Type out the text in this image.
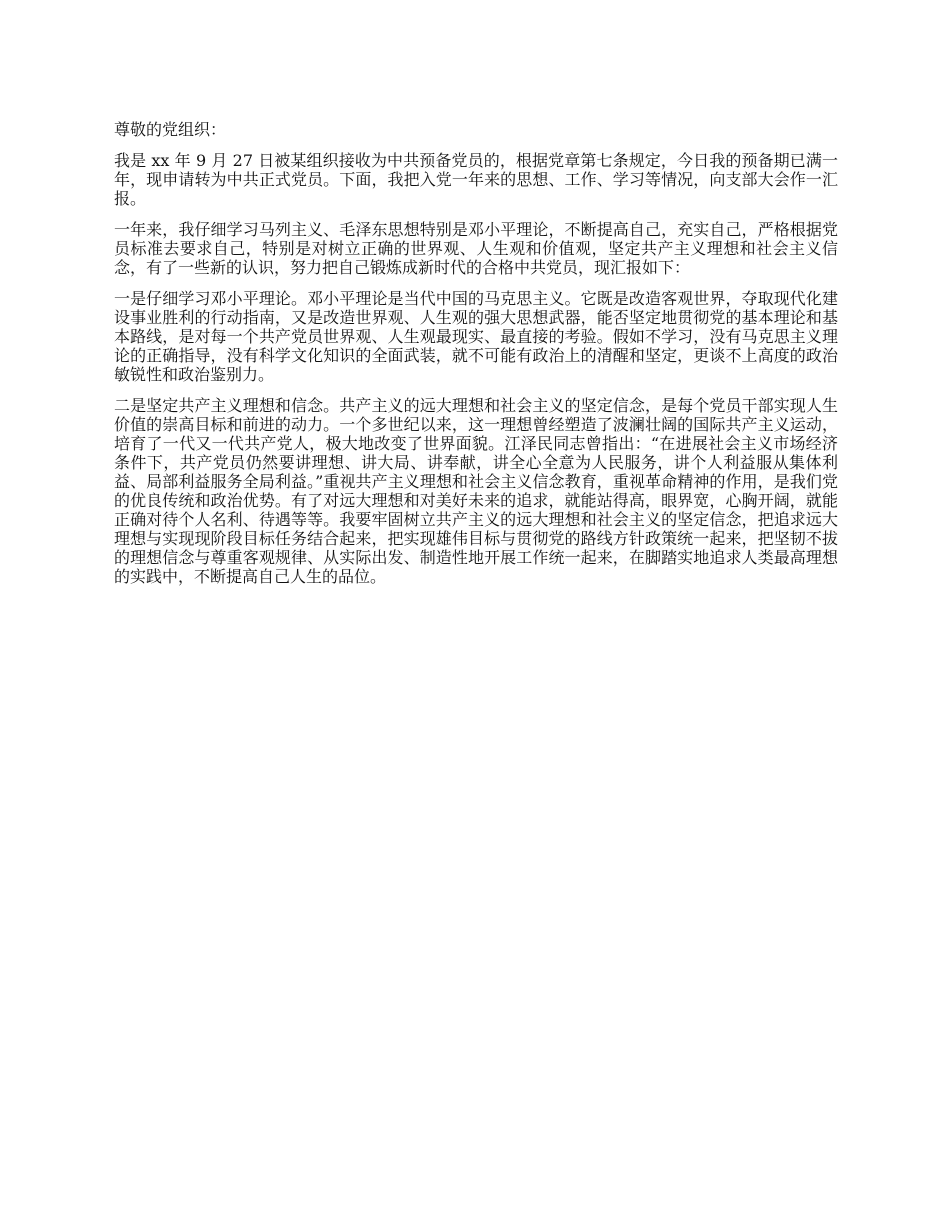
尊敬的党组织：

我是 xx 年 9 月 27 日被某组织接收为中共预备党员的，根据党章第七条规定，今日我的预备期已满一年，现申请转为中共正式党员。下面，我把入党一年来的思想、工作、学习等情况，向支部大会作一汇报。

一年来，我仔细学习马列主义、毛泽东思想特别是邓小平理论，不断提高自己，充实自己，严格根据党员标准去要求自己，特别是对树立正确的世界观、人生观和价值观，坚定共产主义理想和社会主义信念，有了一些新的认识，努力把自己锻炼成新时代的合格中共党员，现汇报如下：

一是仔细学习邓小平理论。邓小平理论是当代中国的马克思主义。它既是改造客观世界，夺取现代化建设事业胜利的行动指南，又是改造世界观、人生观的强大思想武器，能否坚定地贯彻党的基本理论和基本路线，是对每一个共产党员世界观、人生观最现实、最直接的考验。假如不学习，没有马克思主义理论的正确指导，没有科学文化知识的全面武装，就不可能有政治上的清醒和坚定，更谈不上高度的政治敏锐性和政治鉴别力。

二是坚定共产主义理想和信念。共产主义的远大理想和社会主义的坚定信念，是每个党员干部实现人生价值的崇高目标和前进的动力。一个多世纪以来，这一理想曾经塑造了波澜壮阔的国际共产主义运动，培育了一代又一代共产党人，极大地改变了世界面貌。江泽民同志曾指出：“在进展社会主义市场经济条件下，共产党员仍然要讲理想、讲大局、讲奉献，讲全心全意为人民服务，讲个人利益服从集体利益、局部利益服务全局利益。”重视共产主义理想和社会主义信念教育，重视革命精神的作用，是我们党的优良传统和政治优势。有了对远大理想和对美好未来的追求，就能站得高，眼界宽，心胸开阔，就能正确对待个人名利、待遇等等。我要牢固树立共产主义的远大理想和社会主义的坚定信念，把追求远大理想与实现现阶段目标任务结合起来，把实现雄伟目标与贯彻党的路线方针政策统一起来，把坚韧不拔的理想信念与尊重客观规律、从实际出发、制造性地开展工作统一起来，在脚踏实地追求人类最高理想的实践中，不断提高自己人生的品位。
